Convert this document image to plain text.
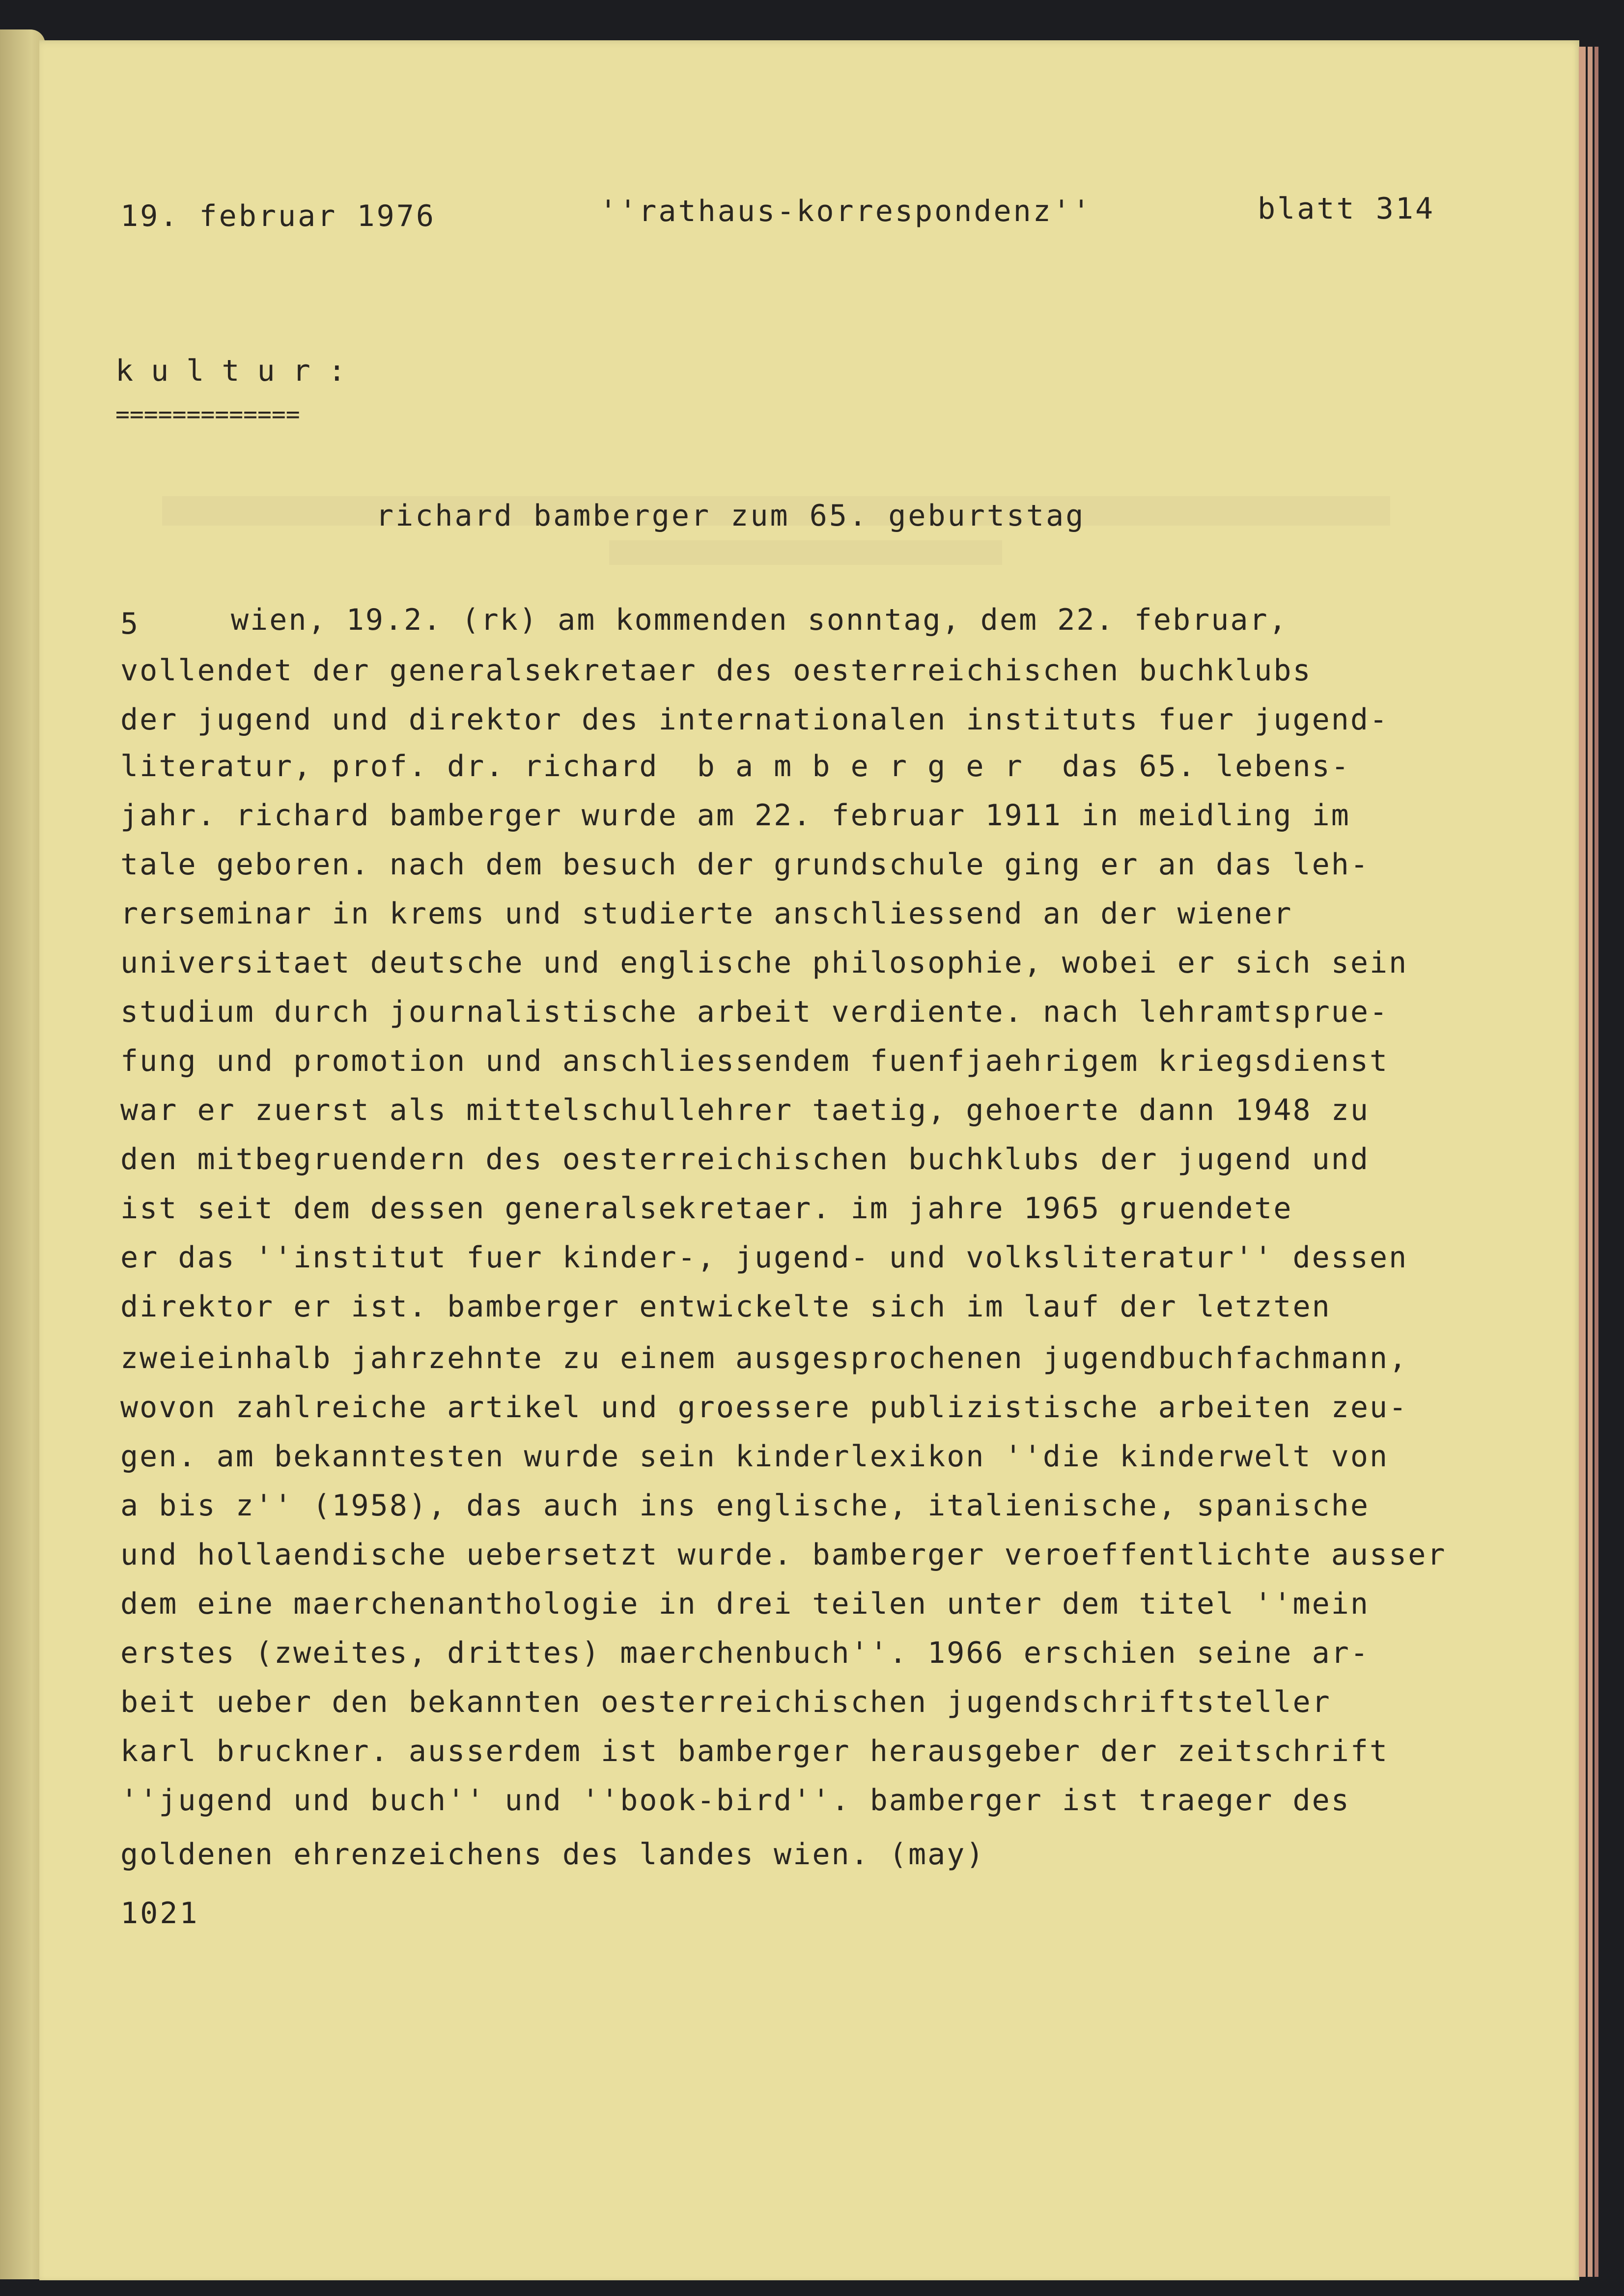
19. februar 1976	''rathaus-korrespondenz''	blatt 314
kultur:
=============
richard bamberger zum 65. geburtstag
5	wien, 19.2. (rk) am kommenden sonntag, dem 22. februar,
vollendet der generalsekretaer des oesterreichischen buchklubs
der jugend und direktor des internationalen instituts fuer jugend-
literatur, prof. dr. richard  b a m b e r g e r  das 65. lebens-
jahr. richard bamberger wurde am 22. februar 1911 in meidling im
tale geboren. nach dem besuch der grundschule ging er an das leh-
rerseminar in krems und studierte anschliessend an der wiener
universitaet deutsche und englische philosophie, wobei er sich sein
studium durch journalistische arbeit verdiente. nach lehramtsprue-
fung und promotion und anschliessendem fuenfjaehrigem kriegsdienst
war er zuerst als mittelschullehrer taetig, gehoerte dann 1948 zu
den mitbegruendern des oesterreichischen buchklubs der jugend und
ist seit dem dessen generalsekretaer. im jahre 1965 gruendete
er das ''institut fuer kinder-, jugend- und volksliteratur'' dessen
direktor er ist. bamberger entwickelte sich im lauf der letzten
zweieinhalb jahrzehnte zu einem ausgesprochenen jugendbuchfachmann,
wovon zahlreiche artikel und groessere publizistische arbeiten zeu-
gen. am bekanntesten wurde sein kinderlexikon ''die kinderwelt von
a bis z'' (1958), das auch ins englische, italienische, spanische
und hollaendische uebersetzt wurde. bamberger veroeffentlichte ausser
dem eine maerchenanthologie in drei teilen unter dem titel ''mein
erstes (zweites, drittes) maerchenbuch''. 1966 erschien seine ar-
beit ueber den bekannten oesterreichischen jugendschriftsteller
karl bruckner. ausserdem ist bamberger herausgeber der zeitschrift
''jugend und buch'' und ''book-bird''. bamberger ist traeger des
goldenen ehrenzeichens des landes wien. (may)
1021
